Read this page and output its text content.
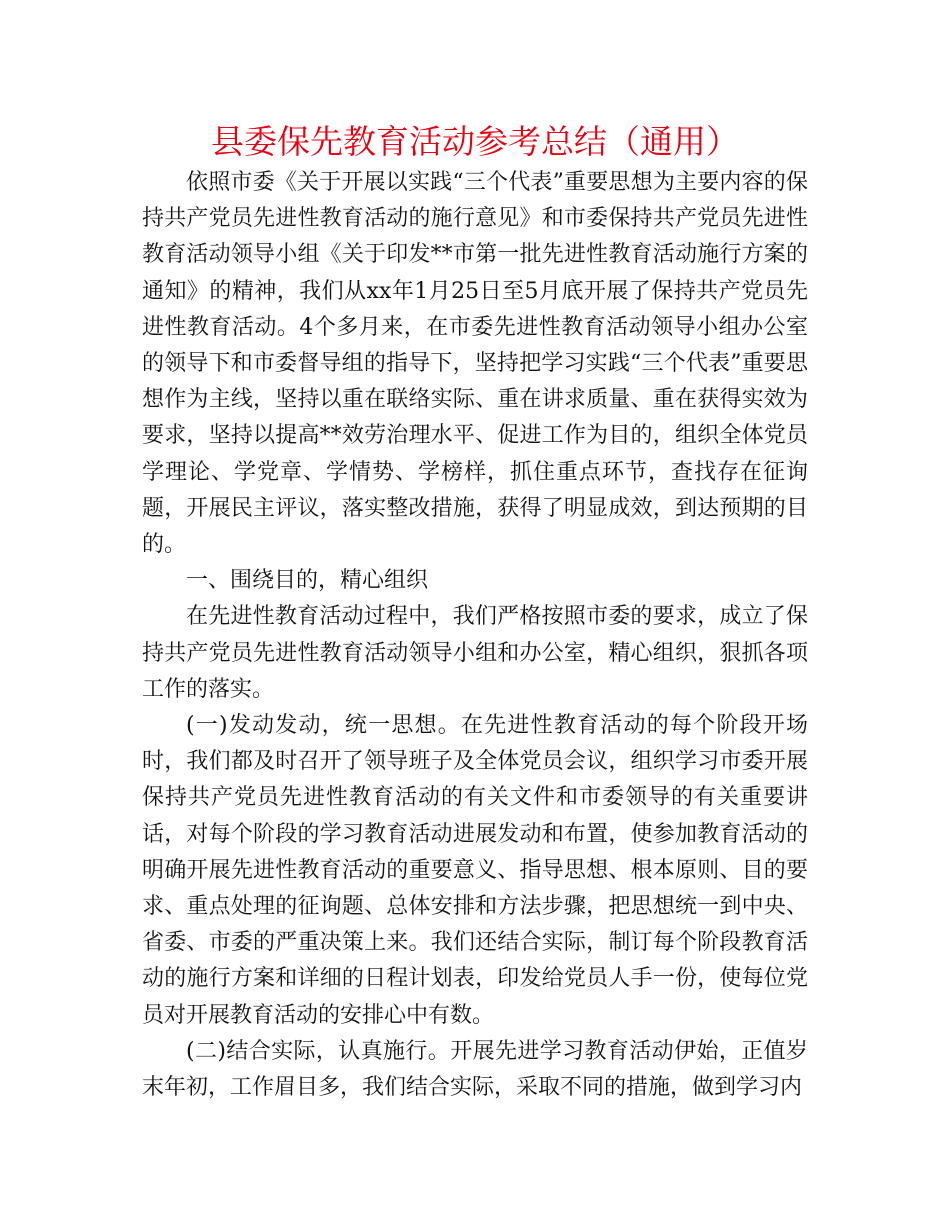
县委保先教育活动参考总结（通用）

依照市委《关于开展以实践“三个代表”重要思想为主要内容的保持共产党员先进性教育活动的施行意见》和市委保持共产党员先进性教育活动领导小组《关于印发**市第一批先进性教育活动施行方案的通知》的精神，我们从xx年1月25日至5月底开展了保持共产党员先进性教育活动。4个多月来，在市委先进性教育活动领导小组办公室的领导下和市委督导组的指导下，坚持把学习实践“三个代表”重要思想作为主线，坚持以重在联络实际、重在讲求质量、重在获得实效为要求，坚持以提高**效劳治理水平、促进工作为目的，组织全体党员学理论、学党章、学情势、学榜样，抓住重点环节，查找存在征询题，开展民主评议，落实整改措施，获得了明显成效，到达预期的目的。

一、围绕目的，精心组织

在先进性教育活动过程中，我们严格按照市委的要求，成立了保持共产党员先进性教育活动领导小组和办公室，精心组织，狠抓各项工作的落实。

(一)发动发动，统一思想。在先进性教育活动的每个阶段开场时，我们都及时召开了领导班子及全体党员会议，组织学习市委开展保持共产党员先进性教育活动的有关文件和市委领导的有关重要讲话，对每个阶段的学习教育活动进展发动和布置，使参加教育活动的明确开展先进性教育活动的重要意义、指导思想、根本原则、目的要求、重点处理的征询题、总体安排和方法步骤，把思想统一到中央、省委、市委的严重决策上来。我们还结合实际，制订每个阶段教育活动的施行方案和详细的日程计划表，印发给党员人手一份，使每位党员对开展教育活动的安排心中有数。

(二)结合实际，认真施行。开展先进学习教育活动伊始，正值岁末年初，工作眉目多，我们结合实际，采取不同的措施，做到学习内
